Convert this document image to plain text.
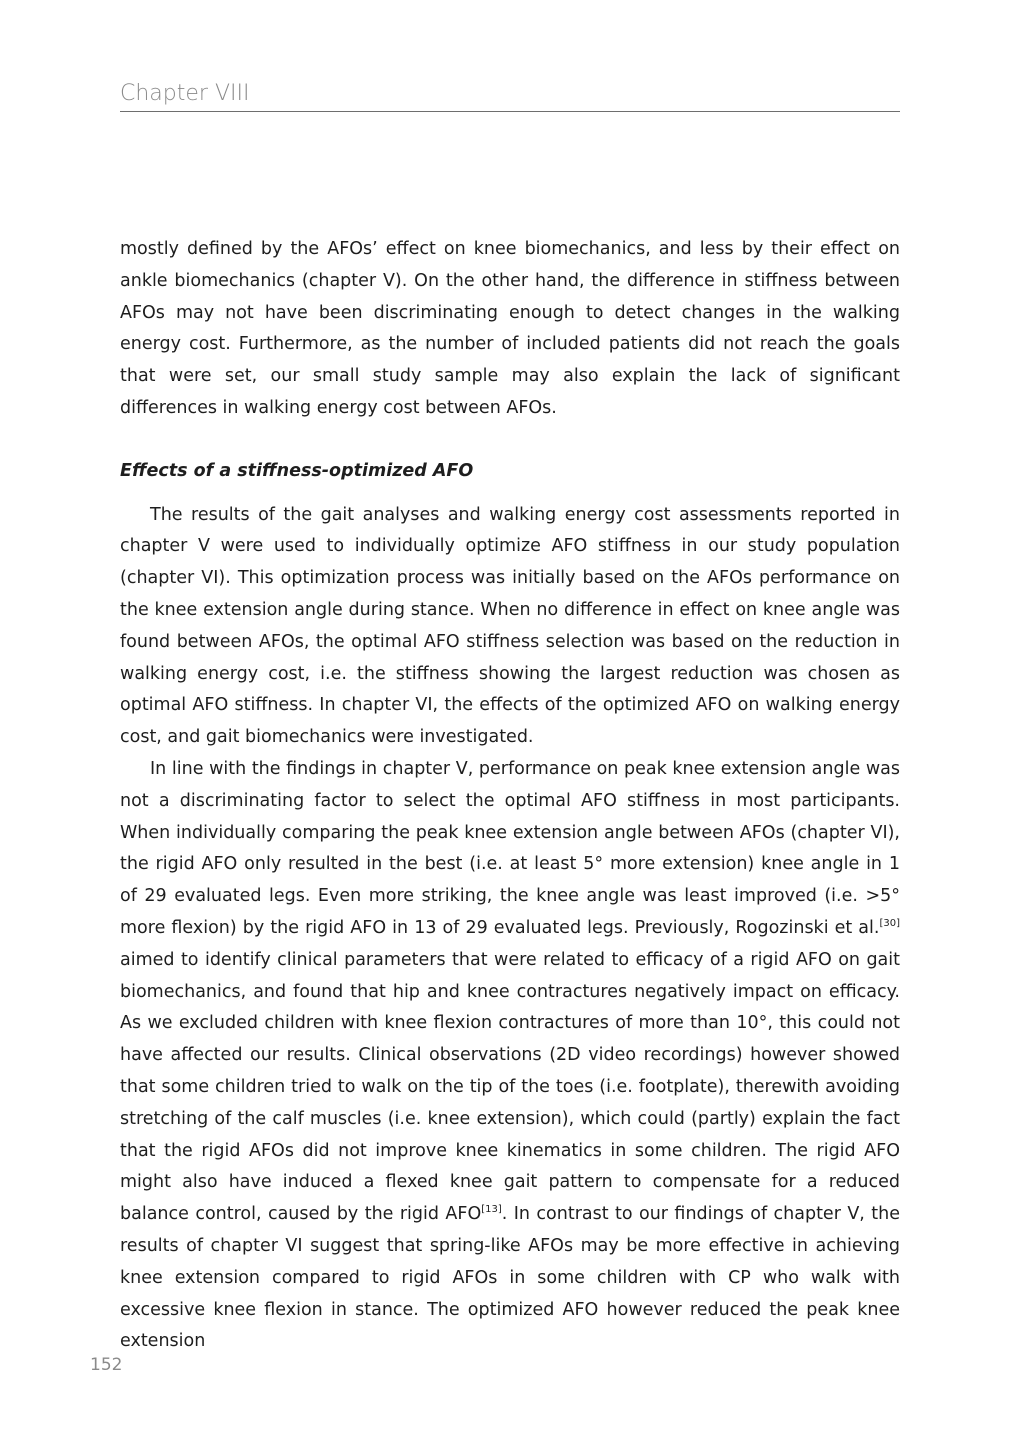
Chapter VIII

mostly defined by the AFOs’ effect on knee biomechanics, and less by their effect on ankle biomechanics (chapter V). On the other hand, the difference in stiffness between AFOs may not have been discriminating enough to detect changes in the walking energy cost. Furthermore, as the number of included patients did not reach the goals that were set, our small study sample may also explain the lack of significant differences in walking energy cost between AFOs.

Effects of a stiffness-optimized AFO

The results of the gait analyses and walking energy cost assessments reported in chapter V were used to individually optimize AFO stiffness in our study population (chapter VI). This optimization process was initially based on the AFOs performance on the knee extension angle during stance. When no difference in effect on knee angle was found between AFOs, the optimal AFO stiffness selection was based on the reduction in walking energy cost, i.e. the stiffness showing the largest reduction was chosen as optimal AFO stiffness. In chapter VI, the effects of the optimized AFO on walking energy cost, and gait biomechanics were investigated.

In line with the findings in chapter V, performance on peak knee extension angle was not a discriminating factor to select the optimal AFO stiffness in most participants. When individually comparing the peak knee extension angle between AFOs (chapter VI), the rigid AFO only resulted in the best (i.e. at least 5° more extension) knee angle in 1 of 29 evaluated legs. Even more striking, the knee angle was least improved (i.e. >5° more flexion) by the rigid AFO in 13 of 29 evaluated legs. Previously, Rogozinski et al.[30] aimed to identify clinical parameters that were related to efficacy of a rigid AFO on gait biomechanics, and found that hip and knee contractures negatively impact on efficacy. As we excluded children with knee flexion contractures of more than 10°, this could not have affected our results. Clinical observations (2D video recordings) however showed that some children tried to walk on the tip of the toes (i.e. footplate), therewith avoiding stretching of the calf muscles (i.e. knee extension), which could (partly) explain the fact that the rigid AFOs did not improve knee kinematics in some children. The rigid AFO might also have induced a flexed knee gait pattern to compensate for a reduced balance control, caused by the rigid AFO[13]. In contrast to our findings of chapter V, the results of chapter VI suggest that spring-like AFOs may be more effective in achieving knee extension compared to rigid AFOs in some children with CP who walk with excessive knee flexion in stance. The optimized AFO however reduced the peak knee extension

152
